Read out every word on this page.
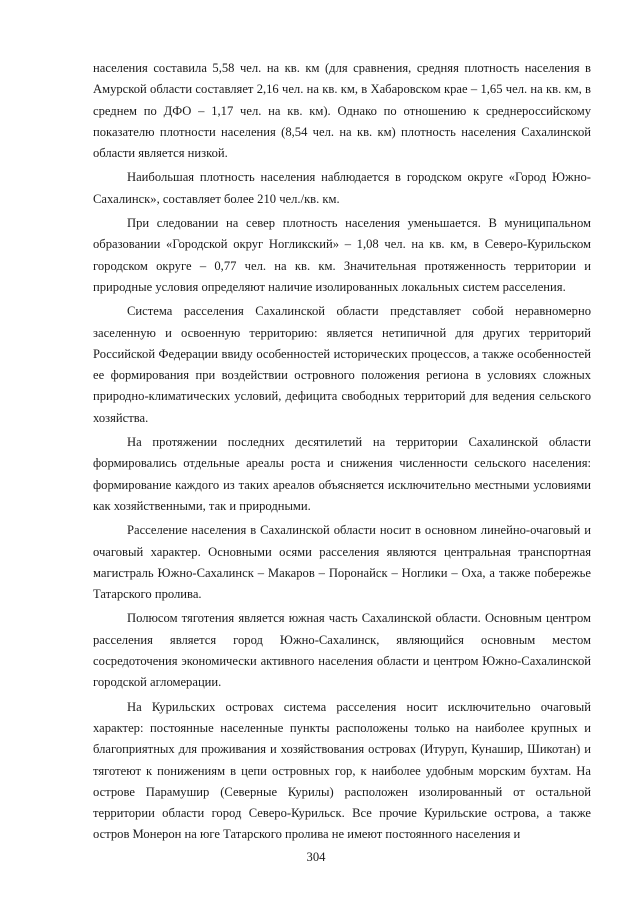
населения составила 5,58 чел. на кв. км (для сравнения, средняя плотность населения в Амурской области составляет 2,16 чел. на кв. км, в Хабаровском крае – 1,65 чел. на кв. км, в среднем по ДФО – 1,17 чел. на кв. км). Однако по отношению к среднероссийскому показателю плотности населения (8,54 чел. на кв. км) плотность населения Сахалинской области является низкой.

Наибольшая плотность населения наблюдается в городском округе «Город Южно-Сахалинск», составляет более 210 чел./кв. км.

При следовании на север плотность населения уменьшается. В муниципальном образовании «Городской округ Ногликский» – 1,08 чел. на кв. км, в Северо-Курильском городском округе – 0,77 чел. на кв. км. Значительная протяженность территории и природные условия определяют наличие изолированных локальных систем расселения.

Система расселения Сахалинской области представляет собой неравномерно заселенную и освоенную территорию: является нетипичной для других территорий Российской Федерации ввиду особенностей исторических процессов, а также особенностей ее формирования при воздействии островного положения региона в условиях сложных природно-климатических условий, дефицита свободных территорий для ведения сельского хозяйства.

На протяжении последних десятилетий на территории Сахалинской области формировались отдельные ареалы роста и снижения численности сельского населения: формирование каждого из таких ареалов объясняется исключительно местными условиями как хозяйственными, так и природными.

Расселение населения в Сахалинской области носит в основном линейно-очаговый и очаговый характер. Основными осями расселения являются центральная транспортная магистраль Южно-Сахалинск – Макаров – Поронайск – Ноглики – Оха, а также побережье Татарского пролива.

Полюсом тяготения является южная часть Сахалинской области. Основным центром расселения является город Южно-Сахалинск, являющийся основным местом сосредоточения экономически активного населения области и центром Южно-Сахалинской городской агломерации.

На Курильских островах система расселения носит исключительно очаговый характер: постоянные населенные пункты расположены только на наиболее крупных и благоприятных для проживания и хозяйствования островах (Итуруп, Кунашир, Шикотан) и тяготеют к понижениям в цепи островных гор, к наиболее удобным морским бухтам. На острове Парамушир (Северные Курилы) расположен изолированный от остальной территории области город Северо-Курильск. Все прочие Курильские острова, а также остров Монерон на юге Татарского пролива не имеют постоянного населения и

304
